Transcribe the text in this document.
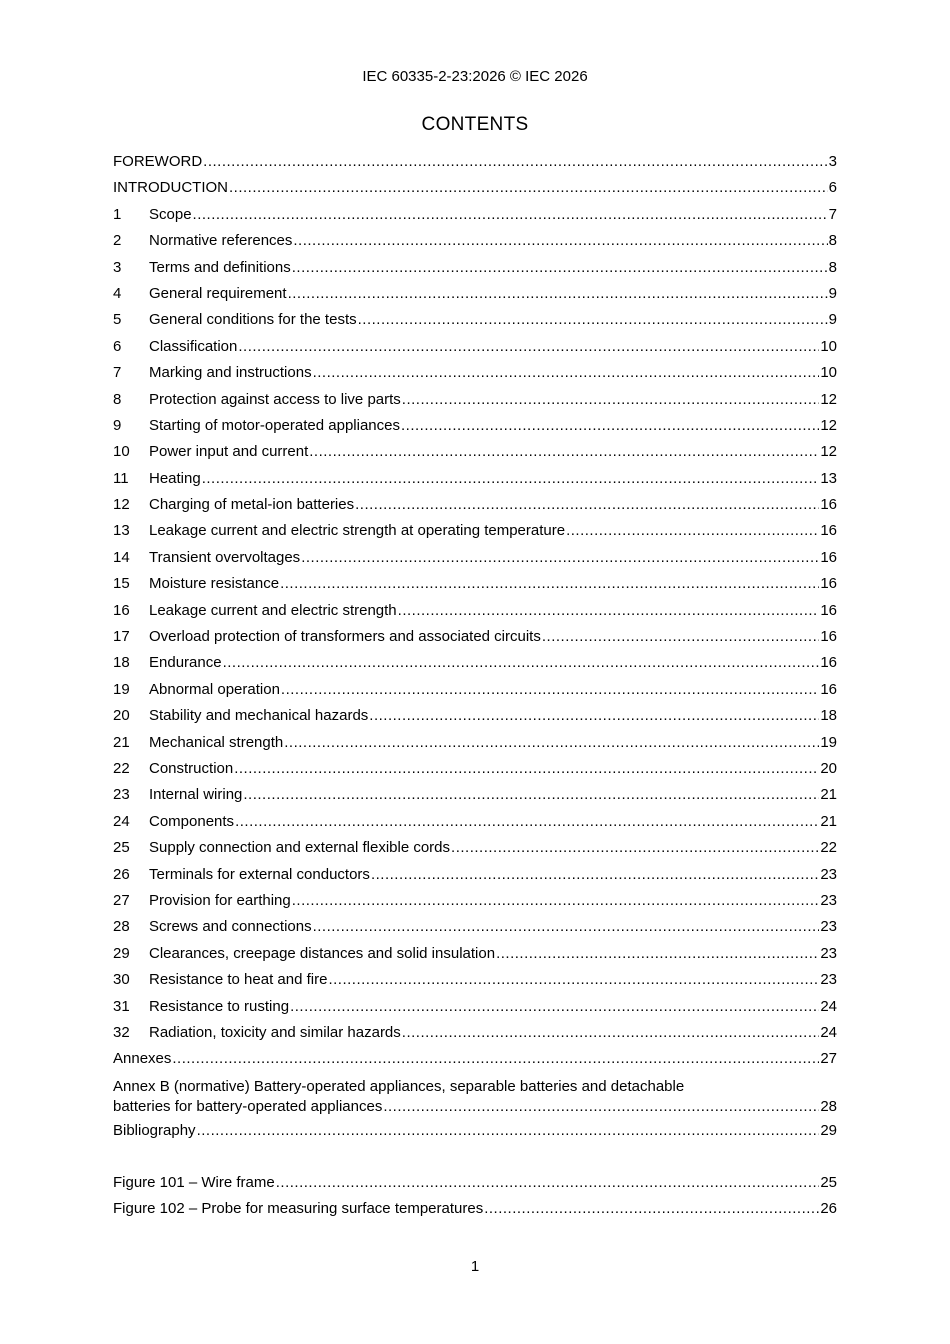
IEC 60335-2-23:2026 © IEC 2026
CONTENTS
FOREWORD .....	3
INTRODUCTION .....	6
1	Scope .....	7
2	Normative references .....	8
3	Terms and definitions .....	8
4	General requirement .....	9
5	General conditions for the tests .....	9
6	Classification .....	10
7	Marking and instructions .....	10
8	Protection against access to live parts .....	12
9	Starting of motor-operated appliances .....	12
10	Power input and current .....	12
11	Heating .....	13
12	Charging of metal-ion batteries .....	16
13	Leakage current and electric strength at operating temperature .....	16
14	Transient overvoltages .....	16
15	Moisture resistance .....	16
16	Leakage current and electric strength .....	16
17	Overload protection of transformers and associated circuits .....	16
18	Endurance .....	16
19	Abnormal operation .....	16
20	Stability and mechanical hazards .....	18
21	Mechanical strength .....	19
22	Construction .....	20
23	Internal wiring .....	21
24	Components .....	21
25	Supply connection and external flexible cords .....	22
26	Terminals for external conductors .....	23
27	Provision for earthing .....	23
28	Screws and connections .....	23
29	Clearances, creepage distances and solid insulation .....	23
30	Resistance to heat and fire .....	23
31	Resistance to rusting .....	24
32	Radiation, toxicity and similar hazards .....	24
Annexes .....	27
Annex B (normative) Battery-operated appliances, separable batteries and detachable
batteries for battery-operated appliances .....	28
Bibliography .....	29
Figure 101 – Wire frame .....	25
Figure 102 – Probe for measuring surface temperatures .....	26
1
